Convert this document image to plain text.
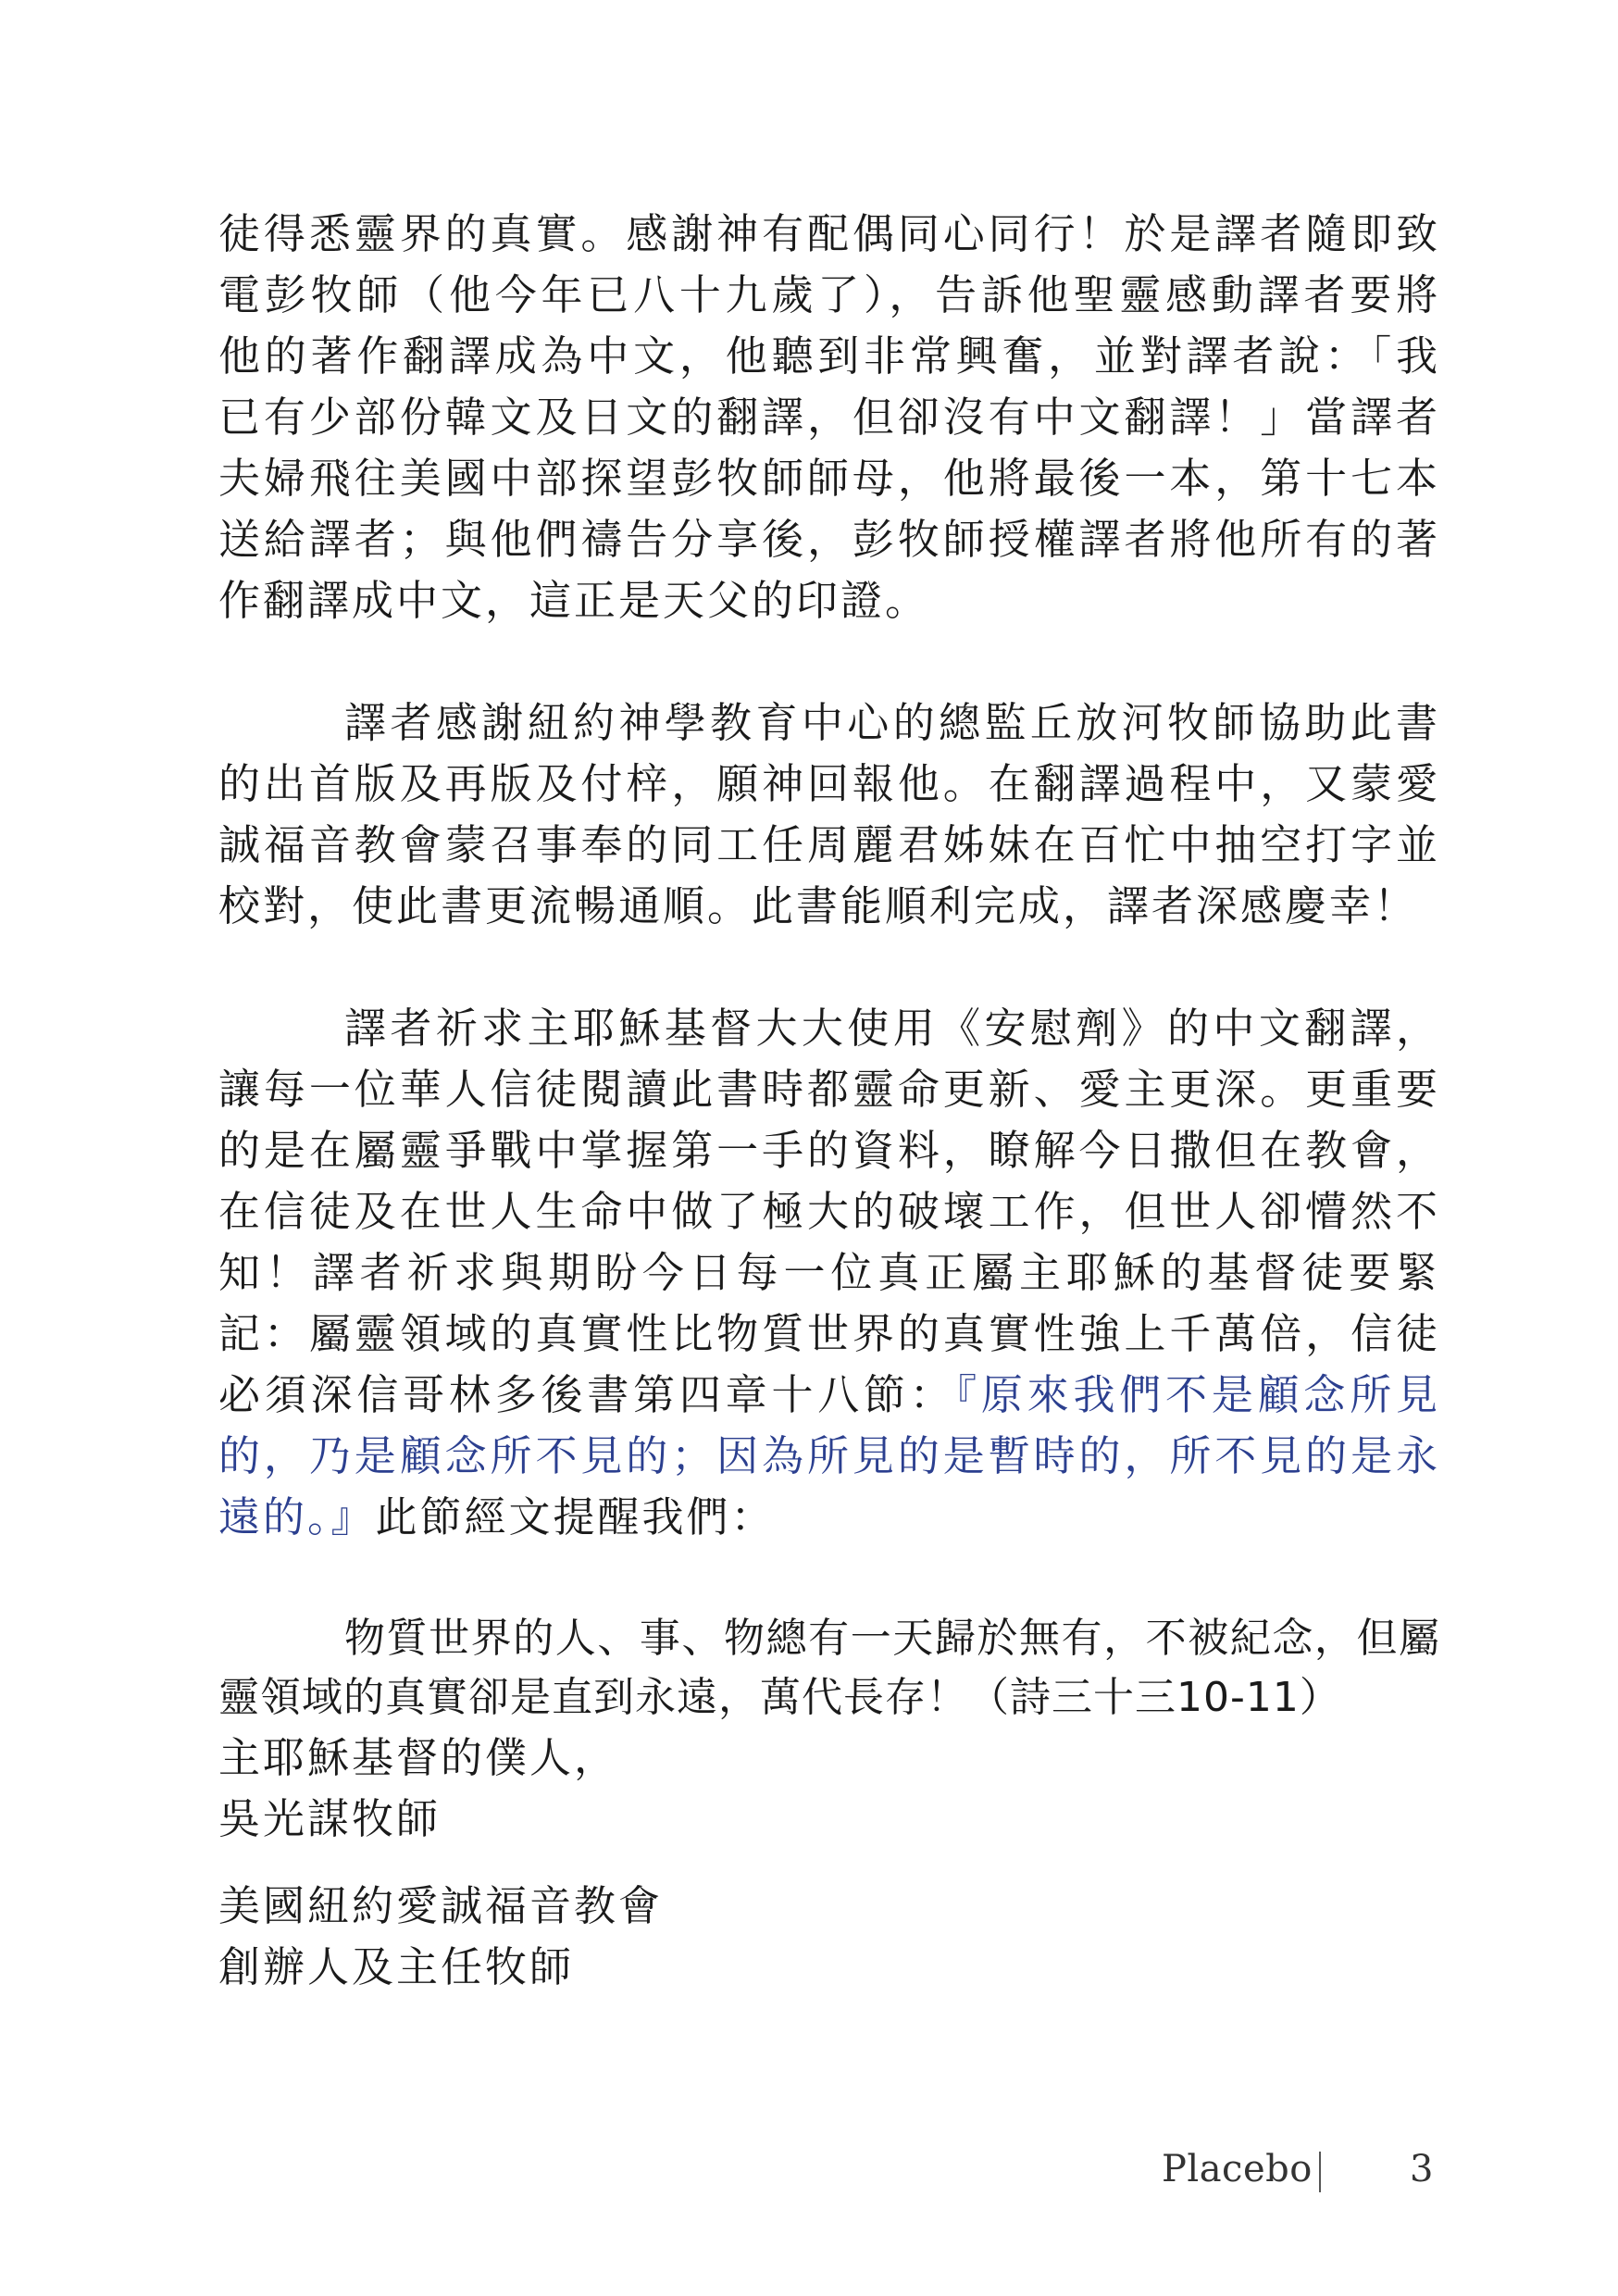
徒得悉靈界的真實。感謝神有配偶同心同行！於是譯者隨即致電彭牧師（他今年已八十九歲了），告訴他聖靈感動譯者要將他的著作翻譯成為中文，他聽到非常興奮，並對譯者說：「我已有少部份韓文及日文的翻譯，但卻沒有中文翻譯！」當譯者夫婦飛往美國中部探望彭牧師師母，他將最後一本，第十七本送給譯者；與他們禱告分享後，彭牧師授權譯者將他所有的著作翻譯成中文，這正是天父的印證。

譯者感謝紐約神學教育中心的總監丘放河牧師協助此書的出首版及再版及付梓，願神回報他。在翻譯過程中，又蒙愛誠福音教會蒙召事奉的同工任周麗君姊妹在百忙中抽空打字並校對，使此書更流暢通順。此書能順利完成，譯者深感慶幸！

譯者祈求主耶穌基督大大使用《安慰劑》的中文翻譯，讓每一位華人信徒閱讀此書時都靈命更新、愛主更深。更重要的是在屬靈爭戰中掌握第一手的資料，瞭解今日撒但在教會，在信徒及在世人生命中做了極大的破壞工作，但世人卻懵然不知！譯者祈求與期盼今日每一位真正屬主耶穌的基督徒要緊記：屬靈領域的真實性比物質世界的真實性強上千萬倍，信徒必須深信哥林多後書第四章十八節：『原來我們不是顧念所見的，乃是顧念所不見的；因為所見的是暫時的，所不見的是永遠的。』此節經文提醒我們：

物質世界的人、事、物總有一天歸於無有，不被紀念，但屬靈領域的真實卻是直到永遠，萬代長存！（詩三十三10-11）

主耶穌基督的僕人，

吳光謀牧師

美國紐約愛誠福音教會

創辦人及主任牧師

Placebo	3
